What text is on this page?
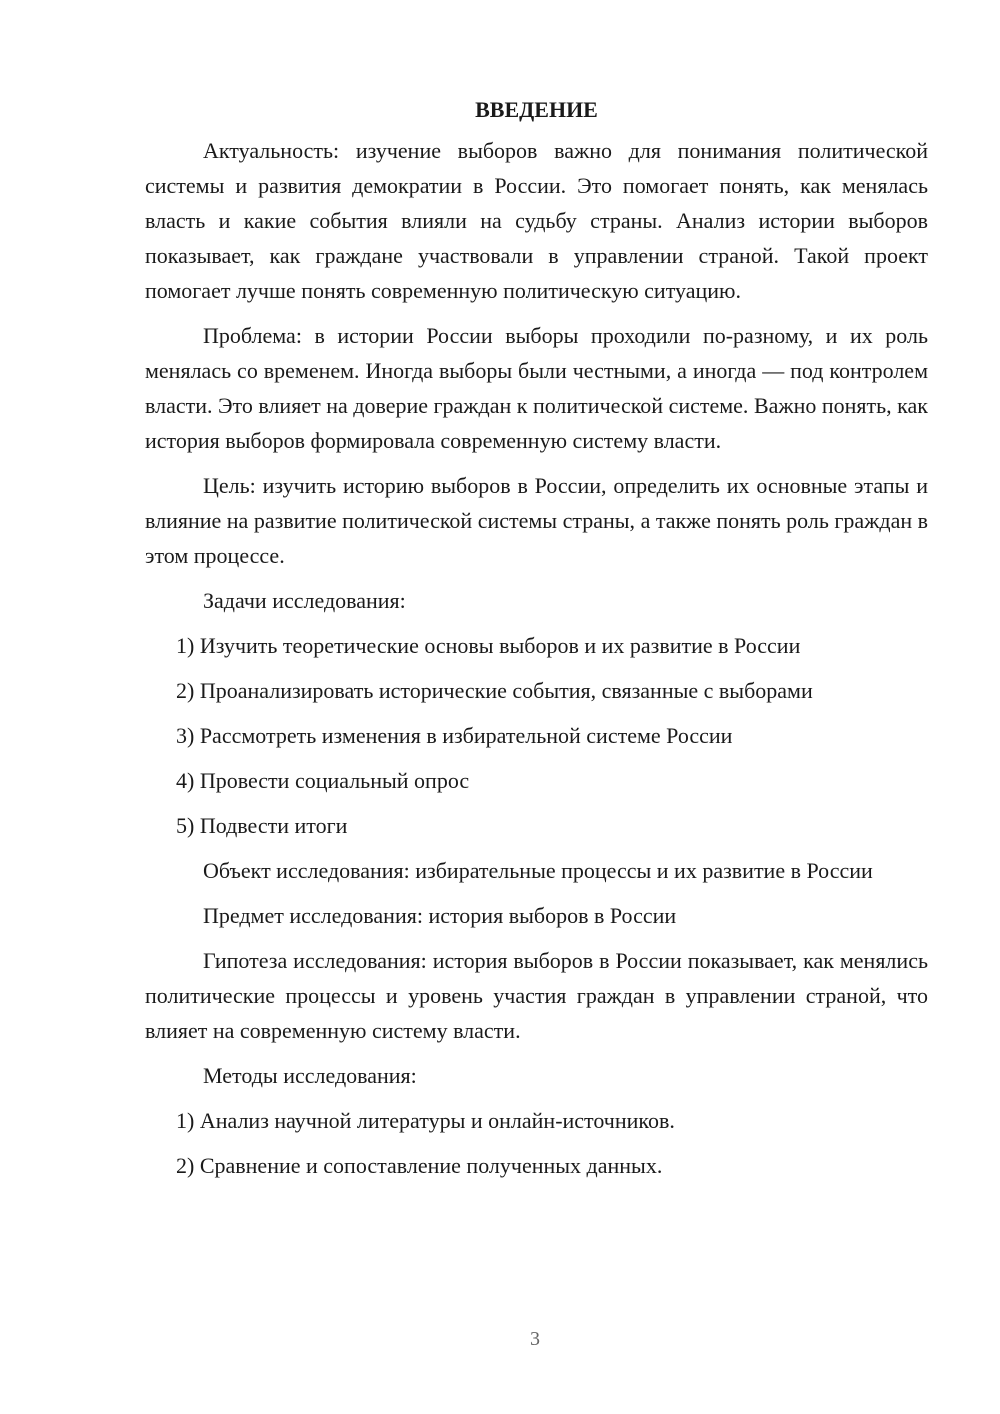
ВВЕДЕНИЕ

Актуальность: изучение выборов важно для понимания политической системы и развития демократии в России. Это помогает понять, как менялась власть и какие события влияли на судьбу страны. Анализ истории выборов показывает, как граждане участвовали в управлении страной. Такой проект помогает лучше понять современную политическую ситуацию.

Проблема: в истории России выборы проходили по-разному, и их роль менялась со временем. Иногда выборы были честными, а иногда — под контролем власти. Это влияет на доверие граждан к политической системе. Важно понять, как история выборов формировала современную систему власти.

Цель: изучить историю выборов в России, определить их основные этапы и влияние на развитие политической системы страны, а также понять роль граждан в этом процессе.

Задачи исследования:
1) Изучить теоретические основы выборов и их развитие в России
2) Проанализировать исторические события, связанные с выборами
3) Рассмотреть изменения в избирательной системе России
4) Провести социальный опрос
5) Подвести итоги

Объект исследования: избирательные процессы и их развитие в России

Предмет исследования: история выборов в России

Гипотеза исследования: история выборов в России показывает, как менялись политические процессы и уровень участия граждан в управлении страной, что влияет на современную систему власти.

Методы исследования:
1) Анализ научной литературы и онлайн-источников.
2) Сравнение и сопоставление полученных данных.
3
